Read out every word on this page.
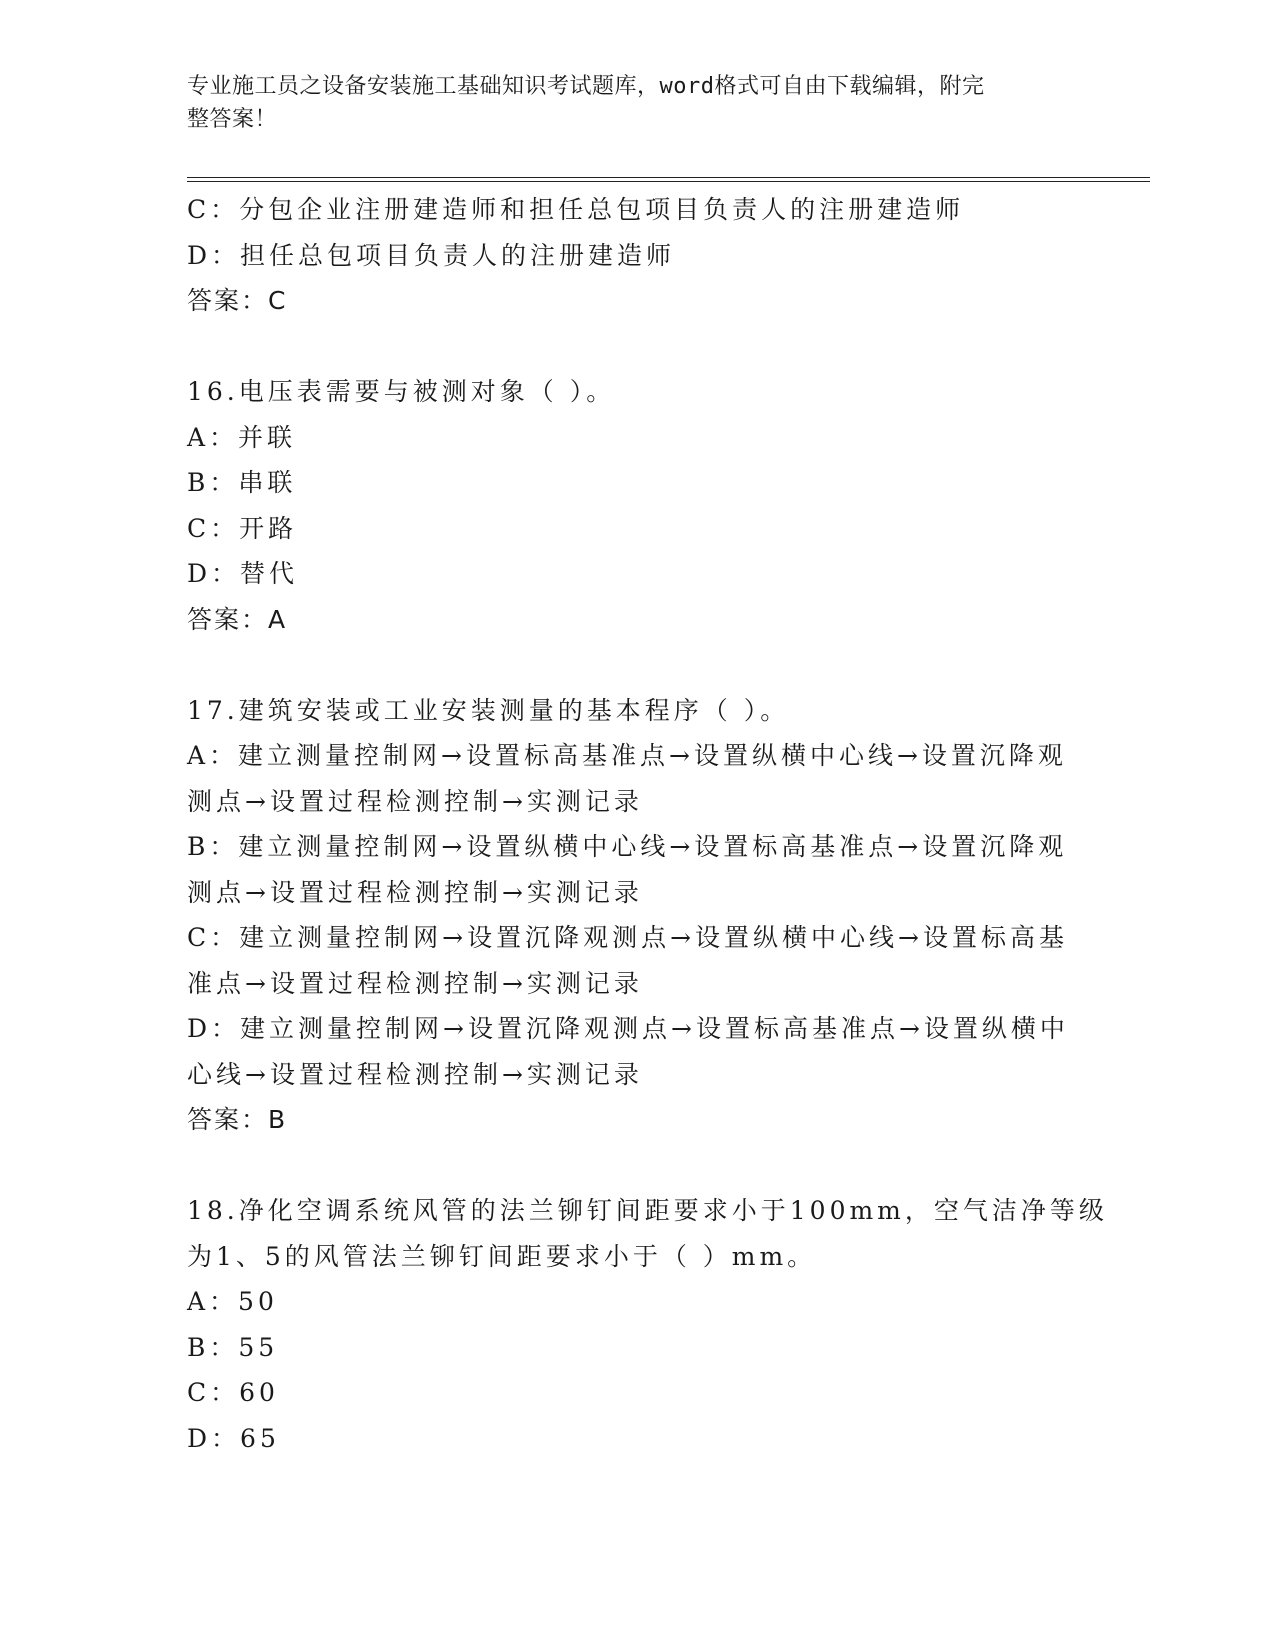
专业施工员之设备安装施工基础知识考试题库，word格式可自由下载编辑，附完
整答案！
C：分包企业注册建造师和担任总包项目负责人的注册建造师
D：担任总包项目负责人的注册建造师
答案：C
16.电压表需要与被测对象（ ）。
A：并联
B：串联
C：开路
D：替代
答案：A
17.建筑安装或工业安装测量的基本程序（ ）。
A：建立测量控制网→设置标高基准点→设置纵横中心线→设置沉降观
测点→设置过程检测控制→实测记录
B：建立测量控制网→设置纵横中心线→设置标高基准点→设置沉降观
测点→设置过程检测控制→实测记录
C：建立测量控制网→设置沉降观测点→设置纵横中心线→设置标高基
准点→设置过程检测控制→实测记录
D：建立测量控制网→设置沉降观测点→设置标高基准点→设置纵横中
心线→设置过程检测控制→实测记录
答案：B
18.净化空调系统风管的法兰铆钉间距要求小于100mm，空气洁净等级
为1、5的风管法兰铆钉间距要求小于（ ）mm。
A：50
B：55
C：60
D：65
